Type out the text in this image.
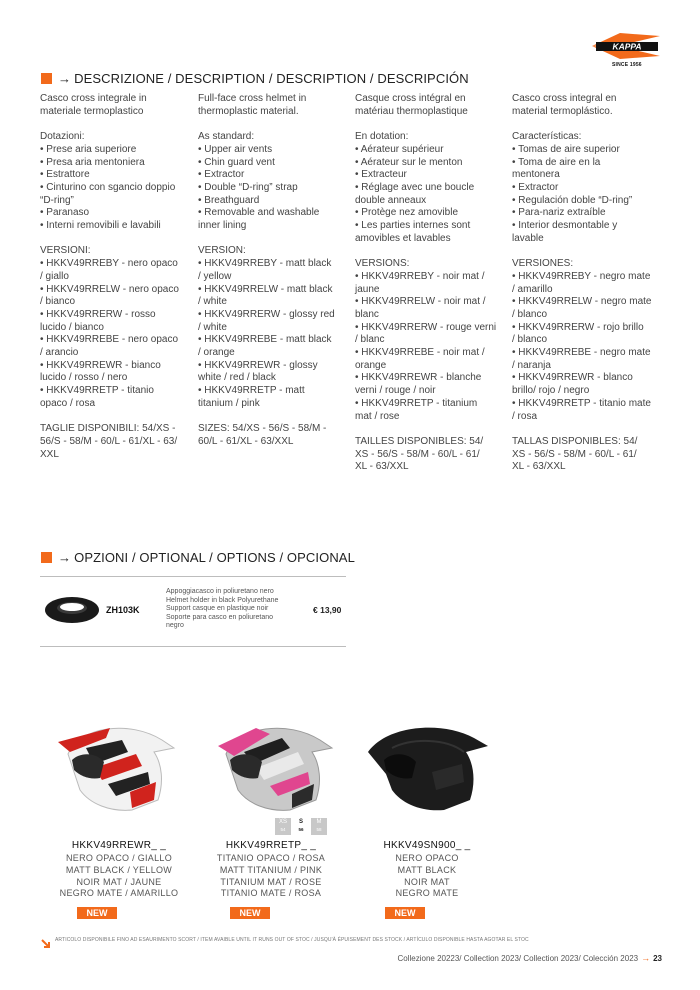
KAPPA
SINCE 1956
→ DESCRIZIONE / DESCRIPTION / DESCRIPTION / DESCRIPCIÓN

Casco cross integrale in
materiale termoplastico

Dotazioni:
• Prese aria superiore
• Presa aria mentoniera
• Estrattore
• Cinturino con sgancio doppio
“D-ring”
• Paranaso
• Interni removibili e lavabili

VERSIONI:
• HKKV49RREBY - nero opaco
/ giallo
• HKKV49RRELW - nero opaco
/ bianco
• HKKV49RRERW - rosso
lucido / bianco
• HKKV49RREBE - nero opaco
/ arancio
• HKKV49RREWR - bianco
lucido / rosso / nero
• HKKV49RRETP - titanio
opaco / rosa

TAGLIE DISPONIBILI: 54/XS -
56/S - 58/M - 60/L - 61/XL - 63/
XXL

Full-face cross helmet in
thermoplastic material.

As standard:
• Upper air vents
• Chin guard vent
• Extractor
• Double “D-ring” strap
• Breathguard
• Removable and washable
inner lining

VERSION:
• HKKV49RREBY - matt black
/ yellow
• HKKV49RRELW - matt black
/ white
• HKKV49RRERW - glossy red
/ white
• HKKV49RREBE - matt black
/ orange
• HKKV49RREWR - glossy
white / red / black
• HKKV49RRETP - matt
titanium / pink

SIZES: 54/XS - 56/S - 58/M -
60/L - 61/XL - 63/XXL

Casque cross intégral en
matériau thermoplastique

En dotation:
• Aérateur supérieur
• Aérateur sur le menton
• Extracteur
• Réglage avec une boucle
double anneaux
• Protège nez amovible
• Les parties internes sont
amovibles et lavables

VERSIONS:
• HKKV49RREBY - noir mat /
jaune
• HKKV49RRELW - noir mat /
blanc
• HKKV49RRERW - rouge verni
/ blanc
• HKKV49RREBE - noir mat /
orange
• HKKV49RREWR - blanche
verni / rouge / noir
• HKKV49RRETP - titanium
mat / rose

TAILLES DISPONIBLES: 54/
XS - 56/S - 58/M - 60/L - 61/
XL - 63/XXL

Casco cross integral en
material termoplástico.

Características:
• Tomas de aire superior
• Toma de aire en la
mentonera
• Extractor
• Regulación doble “D-ring”
• Para-nariz extraíble
• Interior desmontable y
lavable

VERSIONES:
• HKKV49RREBY - negro mate
/ amarillo
• HKKV49RRELW - negro mate
/ blanco
• HKKV49RRERW - rojo brillo
/ blanco
• HKKV49RREBE - negro mate
/ naranja
• HKKV49RREWR - blanco
brillo/ rojo / negro
• HKKV49RRETP - titanio mate
/ rosa

TALLAS DISPONIBLES: 54/
XS - 56/S - 58/M - 60/L - 61/
XL - 63/XXL

→ OPZIONI / OPTIONAL / OPTIONS / OPCIONAL
ZH103K
Appoggiacasco in poliuretano nero
Helmet holder in black Polyurethane
Support casque en plastique noir
Soporte para casco en poliuretano
negro
€ 13,90
XS
54
S
56
M
58
HKKV49RREWR_ _
NERO OPACO / GIALLO
MATT BLACK / YELLOW
NOIR MAT / JAUNE
NEGRO MATE / AMARILLO
HKKV49RRETP_ _
TITANIO OPACO / ROSA
MATT TITANIUM / PINK
TITANIUM MAT / ROSE
TITANIO MATE / ROSA
HKKV49SN900_ _
NERO OPACO
MATT BLACK
NOIR MAT
NEGRO MATE
NEW	NEW	NEW
ARTICOLO DISPONIBILE FINO AD ESAURIMENTO SCORT / ITEM AVAIBLE UNTIL IT RUNS OUT OF STOC / JUSQU'À ÉPUISEMENT DES STOCK / ARTÍCULO DISPONIBLE HASTA AGOTAR EL STOC
Collezione 20223/ Collection 2023/ Collection 2023/ Colección 2023 → 23
